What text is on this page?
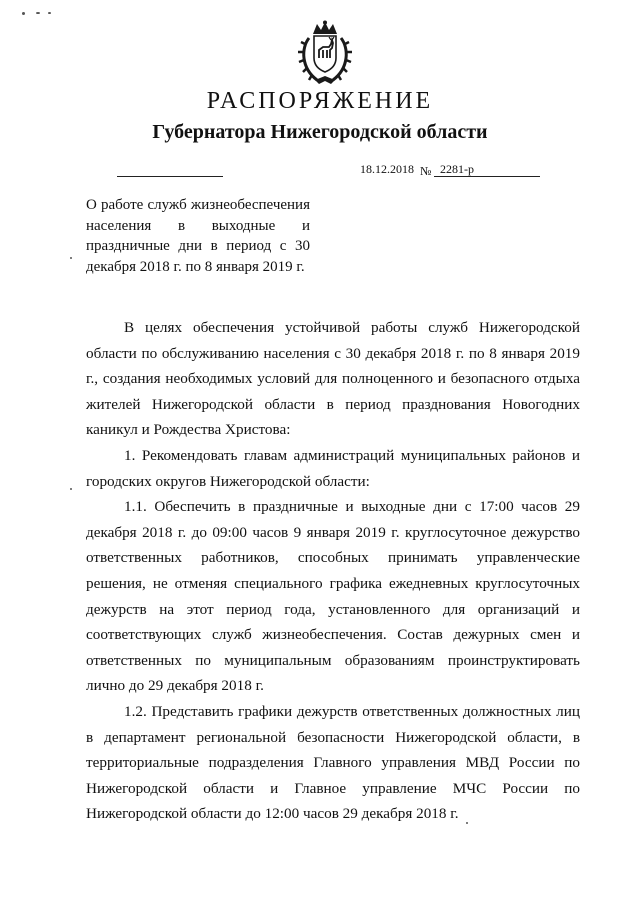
РАСПОРЯЖЕНИЕ
Губернатора Нижегородской области
18.12.2018 № 2281-р
О работе служб жизнеобеспечения населения в выходные и праздничные дни в период с 30 декабря 2018 г. по 8 января 2019 г.

В целях обеспечения устойчивой работы служб Нижегородской области по обслуживанию населения с 30 декабря 2018 г. по 8 января 2019 г., создания необходимых условий для полноценного и безопасного отдыха жителей Нижегородской области в период празднования Новогодних каникул и Рождества Христова:

1. Рекомендовать главам администраций муниципальных районов и городских округов Нижегородской области:

1.1. Обеспечить в праздничные и выходные дни с 17:00 часов 29 декабря 2018 г. до 09:00 часов 9 января 2019 г. круглосуточное дежурство ответственных работников, способных принимать управленческие решения, не отменяя специального графика ежедневных круглосуточных дежурств на этот период года, установленного для организаций и соответствующих служб жизнеобеспечения. Состав дежурных смен и ответственных по муниципальным образованиям проинструктировать лично до 29 декабря 2018 г.

1.2. Представить графики дежурств ответственных должностных лиц в департамент региональной безопасности Нижегородской области, в территориальные подразделения Главного управления МВД России по Нижегородской области и Главное управление МЧС России по Нижегородской области до 12:00 часов 29 декабря 2018 г.
